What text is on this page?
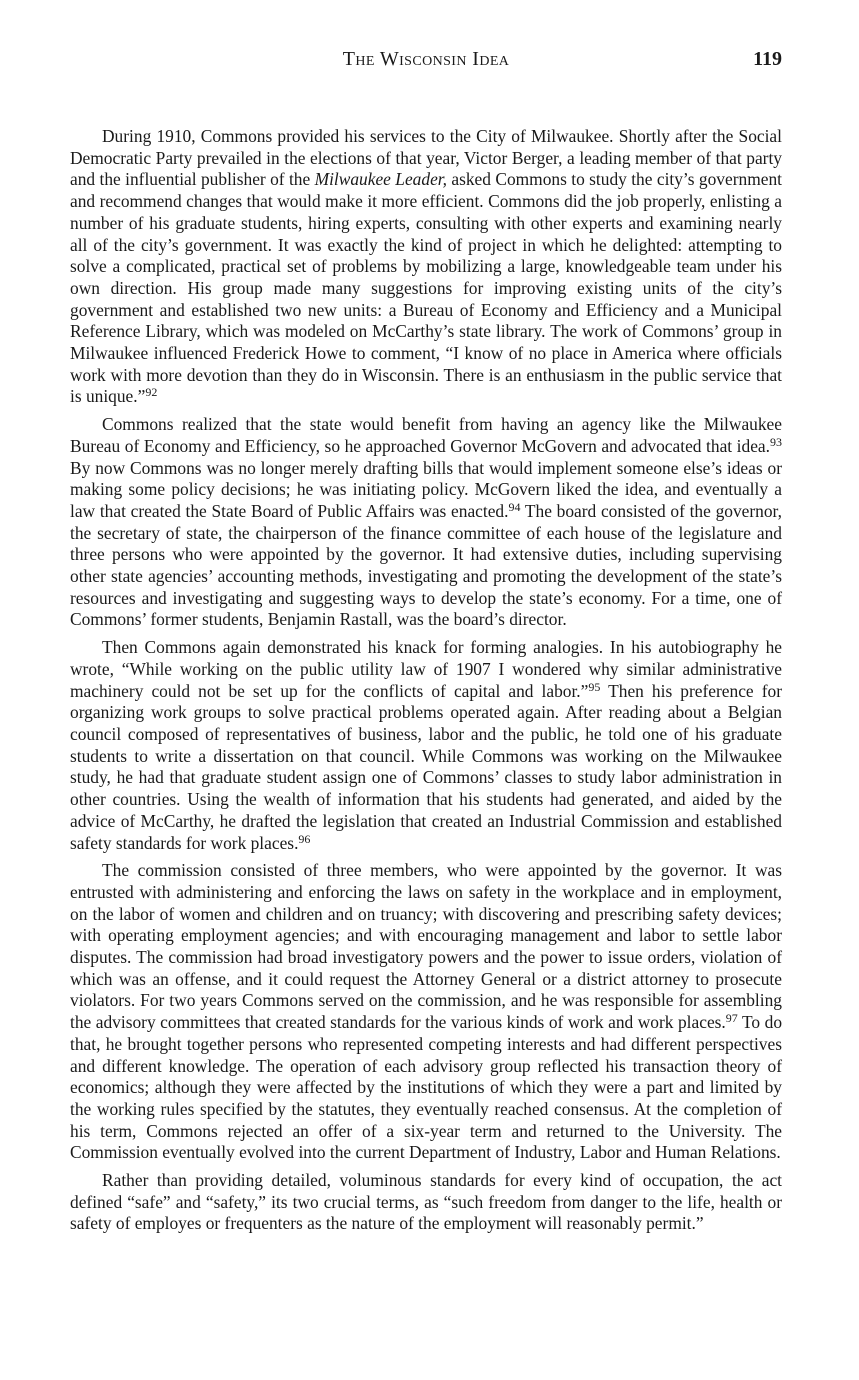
The Wisconsin Idea	119

During 1910, Commons provided his services to the City of Milwaukee. Shortly after the Social Democratic Party prevailed in the elections of that year, Victor Berger, a leading member of that party and the influential publisher of the Milwaukee Leader, asked Commons to study the city’s government and recommend changes that would make it more efficient. Commons did the job properly, enlisting a number of his graduate students, hiring experts, consulting with other experts and examining nearly all of the city’s government. It was exactly the kind of project in which he delighted: attempting to solve a complicated, practical set of problems by mobilizing a large, knowledgeable team under his own direction. His group made many suggestions for improving existing units of the city’s government and established two new units: a Bureau of Economy and Efficiency and a Municipal Reference Library, which was modeled on McCarthy’s state library. The work of Commons’ group in Milwaukee influenced Frederick Howe to comment, “I know of no place in America where officials work with more devotion than they do in Wisconsin. There is an enthusiasm in the public service that is unique.”$^{92}$

Commons realized that the state would benefit from having an agency like the Milwaukee Bureau of Economy and Efficiency, so he approached Governor McGovern and advocated that idea.$^{93}$ By now Commons was no longer merely drafting bills that would implement someone else’s ideas or making some policy decisions; he was initiating policy. McGovern liked the idea, and eventually a law that created the State Board of Public Affairs was enacted.$^{94}$ The board consisted of the governor, the secretary of state, the chairperson of the finance committee of each house of the legislature and three persons who were appointed by the governor. It had extensive duties, including supervising other state agencies’ accounting methods, investigating and promoting the development of the state’s resources and investigating and suggesting ways to develop the state’s economy. For a time, one of Commons’ former students, Benjamin Rastall, was the board’s director.

Then Commons again demonstrated his knack for forming analogies. In his autobiography he wrote, “While working on the public utility law of 1907 I wondered why similar administrative machinery could not be set up for the conflicts of capital and labor.”$^{95}$ Then his preference for organizing work groups to solve practical problems operated again. After reading about a Belgian council composed of representatives of business, labor and the public, he told one of his graduate students to write a dissertation on that council. While Commons was working on the Milwaukee study, he had that graduate student assign one of Commons’ classes to study labor administration in other countries. Using the wealth of information that his students had generated, and aided by the advice of McCarthy, he drafted the legislation that created an Industrial Commission and established safety standards for work places.$^{96}$

The commission consisted of three members, who were appointed by the governor. It was entrusted with administering and enforcing the laws on safety in the workplace and in employment, on the labor of women and children and on truancy; with discovering and prescribing safety devices; with operating employment agencies; and with encouraging management and labor to settle labor disputes. The commission had broad investigatory powers and the power to issue orders, violation of which was an offense, and it could request the Attorney General or a district attorney to prosecute violators. For two years Commons served on the commission, and he was responsible for assembling the advisory committees that created standards for the various kinds of work and work places.$^{97}$ To do that, he brought together persons who represented competing interests and had different perspectives and different knowledge. The operation of each advisory group reflected his transaction theory of economics; although they were affected by the institutions of which they were a part and limited by the working rules specified by the statutes, they eventually reached consensus. At the completion of his term, Commons rejected an offer of a six-year term and returned to the University. The Commission eventually evolved into the current Department of Industry, Labor and Human Relations.

Rather than providing detailed, voluminous standards for every kind of occupation, the act defined “safe” and “safety,” its two crucial terms, as “such freedom from danger to the life, health or safety of employes or frequenters as the nature of the employment will reasonably permit.”
